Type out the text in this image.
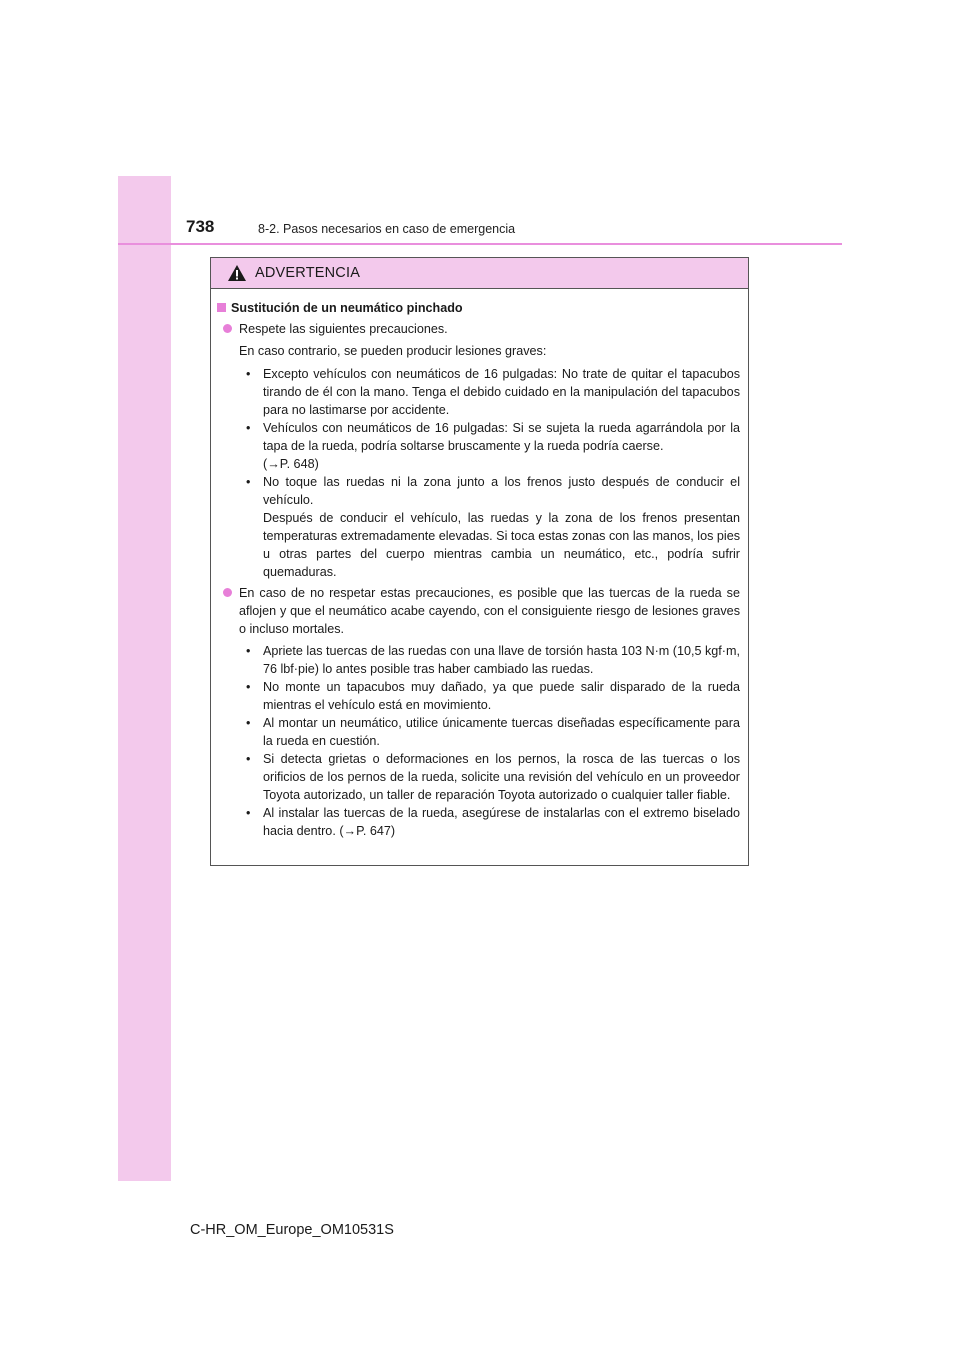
738	8-2. Pasos necesarios en caso de emergencia
ADVERTENCIA
Sustitución de un neumático pinchado
Respete las siguientes precauciones.
En caso contrario, se pueden producir lesiones graves:
• Excepto vehículos con neumáticos de 16 pulgadas: No trate de quitar el tapacubos tirando de él con la mano. Tenga el debido cuidado en la manipulación del tapacubos para no lastimarse por accidente.
• Vehículos con neumáticos de 16 pulgadas: Si se sujeta la rueda agarrándola por la tapa de la rueda, podría soltarse bruscamente y la rueda podría caerse.
(→P. 648)
• No toque las ruedas ni la zona junto a los frenos justo después de conducir el vehículo.
Después de conducir el vehículo, las ruedas y la zona de los frenos presentan temperaturas extremadamente elevadas. Si toca estas zonas con las manos, los pies u otras partes del cuerpo mientras cambia un neumático, etc., podría sufrir quemaduras.
En caso de no respetar estas precauciones, es posible que las tuercas de la rueda se aflojen y que el neumático acabe cayendo, con el consiguiente riesgo de lesiones graves o incluso mortales.
• Apriete las tuercas de las ruedas con una llave de torsión hasta 103 N·m (10,5 kgf·m, 76 lbf·pie) lo antes posible tras haber cambiado las ruedas.
• No monte un tapacubos muy dañado, ya que puede salir disparado de la rueda mientras el vehículo está en movimiento.
• Al montar un neumático, utilice únicamente tuercas diseñadas específicamente para la rueda en cuestión.
• Si detecta grietas o deformaciones en los pernos, la rosca de las tuercas o los orificios de los pernos de la rueda, solicite una revisión del vehículo en un proveedor Toyota autorizado, un taller de reparación Toyota autorizado o cualquier taller fiable.
• Al instalar las tuercas de la rueda, asegúrese de instalarlas con el extremo biselado hacia dentro. (→P. 647)
C-HR_OM_Europe_OM10531S
